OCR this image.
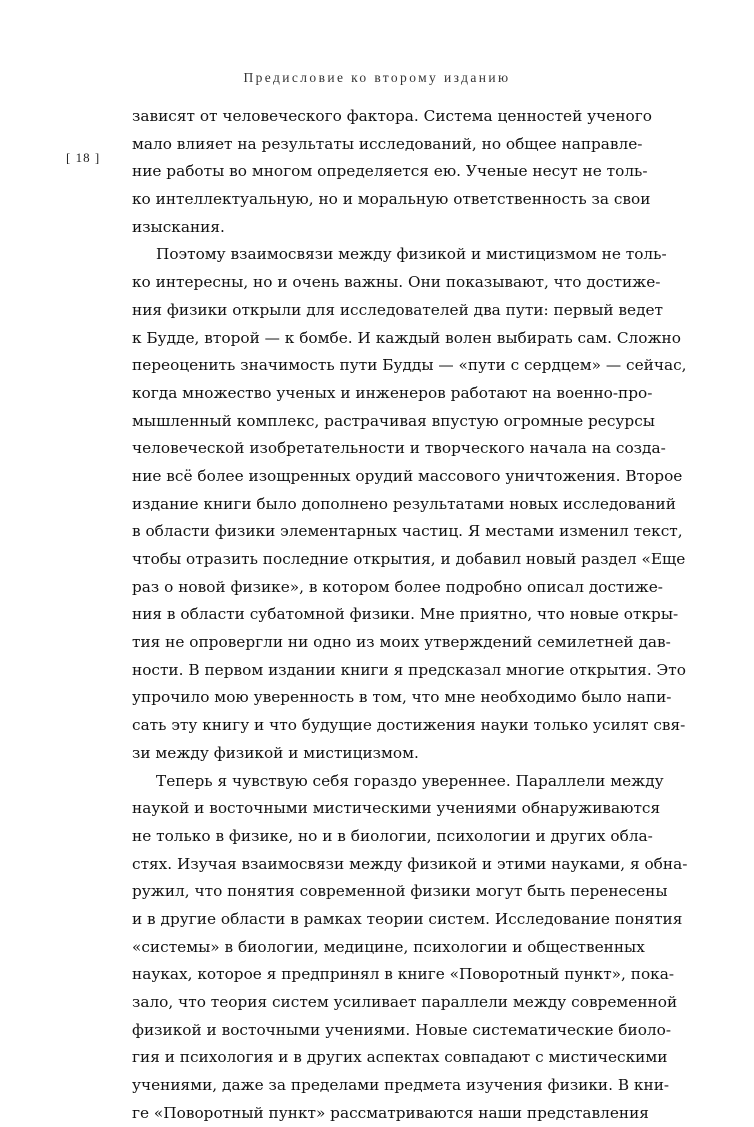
Предисловие ко второму изданию
[ 18 ]
зависят от человеческого фактора. Система ценностей ученого
мало влияет на результаты исследований, но общее направле-
ние работы во многом определяется ею. Ученые несут не толь-
ко интеллектуальную, но и моральную ответственность за свои
изыскания.
Поэтому взаимосвязи между физикой и мистицизмом не толь-
ко интересны, но и очень важны. Они показывают, что достиже-
ния физики открыли для исследователей два пути: первый ведет
к Будде, второй — к бомбе. И каждый волен выбирать сам. Сложно
переоценить значимость пути Будды — «пути с сердцем» — сейчас,
когда множество ученых и инженеров работают на военно-про-
мышленный комплекс, растрачивая впустую огромные ресурсы
человеческой изобретательности и творческого начала на созда-
ние всё более изощренных орудий массового уничтожения. Второе
издание книги было дополнено результатами новых исследований
в области физики элементарных частиц. Я местами изменил текст,
чтобы отразить последние открытия, и добавил новый раздел «Еще
раз о новой физике», в котором более подробно описал достиже-
ния в области субатомной физики. Мне приятно, что новые откры-
тия не опровергли ни одно из моих утверждений семилетней дав-
ности. В первом издании книги я предсказал многие открытия. Это
упрочило мою уверенность в том, что мне необходимо было напи-
сать эту книгу и что будущие достижения науки только усилят свя-
зи между физикой и мистицизмом.
Теперь я чувствую себя гораздо увереннее. Параллели между
наукой и восточными мистическими учениями обнаруживаются
не только в физике, но и в биологии, психологии и других обла-
стях. Изучая взаимосвязи между физикой и этими науками, я обна-
ружил, что понятия современной физики могут быть перенесены
и в другие области в рамках теории систем. Исследование понятия
«системы» в биологии, медицине, психологии и общественных
науках, которое я предпринял в книге «Поворотный пункт», пока-
зало, что теория систем усиливает параллели между современной
физикой и восточными учениями. Новые систематические биоло-
гия и психология и в других аспектах совпадают с мистическими
учениями, даже за пределами предмета изучения физики. В кни-
ге «Поворотный пункт» рассматриваются наши представления
